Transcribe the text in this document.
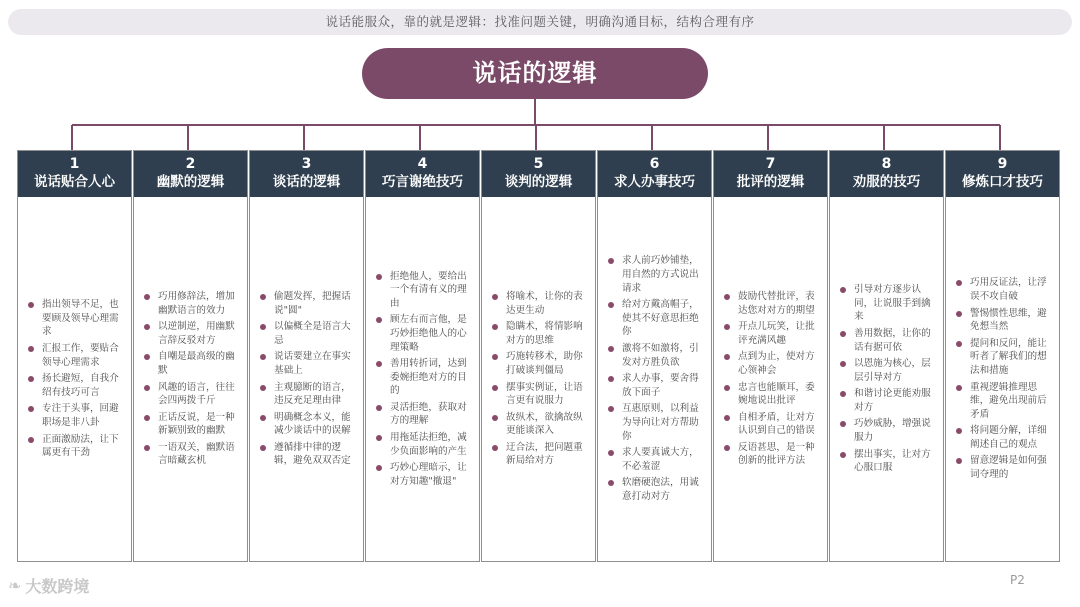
说话能服众，靠的就是逻辑：找准问题关键，明确沟通目标，结构合理有序
说话的逻辑
1
说话贴合人心
指出领导不足，也要顾及领导心理需求
汇报工作，要贴合领导心理需求
扬长避短，自我介绍有技巧可言
专注于头事，回避职场是非八卦
正面激励法，让下属更有干劲
2
幽默的逻辑
巧用修辞法，增加幽默语言的效力
以逆制逆，用幽默言辞反驳对方
自嘲是最高级的幽默
风趣的语言，往往会四两拨千斤
正话反说，是一种新颖别致的幽默
一语双关，幽默语言暗藏玄机
3
谈话的逻辑
偷题发挥，把握话说"圆"
以偏概全是语言大忌
说话要建立在事实基础上
主观臆断的语言，违反充足理由律
明确概念本义，能减少谈话中的误解
遵循排中律的逻辑，避免双双否定
4
巧言谢绝技巧
拒绝他人，要给出一个有清有义的理由
顾左右而言他，是巧妙拒绝他人的心理策略
善用转折词，达到委婉拒绝对方的目的
灵活拒绝，获取对方的理解
用拖延法拒绝，减少负面影响的产生
巧妙心理暗示，让对方知趣"撤退"
5
谈判的逻辑
将喻术，让你的表达更生动
隐瞒术，将情影响对方的思维
巧施转移术，助你打破谈判僵局
摆事实例证，让语言更有说服力
故纵术，欲擒故纵更能谈深入
迂合法，把问题重新局给对方
6
求人办事技巧
求人前巧妙铺垫，用自然的方式说出请求
给对方戴高帽子，使其不好意思拒绝你
激将不如激将，引发对方胜负欲
求人办事，要舍得放下面子
互惠原则，以利益为导向让对方帮助你
求人要真诚大方，不必羞涩
软磨硬泡法，用诚意打动对方
7
批评的逻辑
鼓励代替批评，表达您对对方的期望
开点儿玩笑，让批评充满风趣
点到为止，使对方心领神会
忠言也能顺耳，委婉地说出批评
自相矛盾，让对方认识到自己的错误
反语甚思，是一种创新的批评方法
8
劝服的技巧
引导对方逐步认同，让说服手到擒来
善用数据，让你的话有据可依
以恩施为核心，层层引导对方
和谐讨论更能劝服对方
巧妙威胁，增强说服力
摆出事实，让对方心服口服
9
修炼口才技巧
巧用反证法，让浮误不攻自破
警惕惯性思维，避免想当然
提问和反问，能让听者了解我们的想法和措施
重视逻辑推理思维，避免出现前后矛盾
将问题分解，详细阐述自己的观点
留意逻辑是如何强词夺理的
❧ 大数跨境	P2
